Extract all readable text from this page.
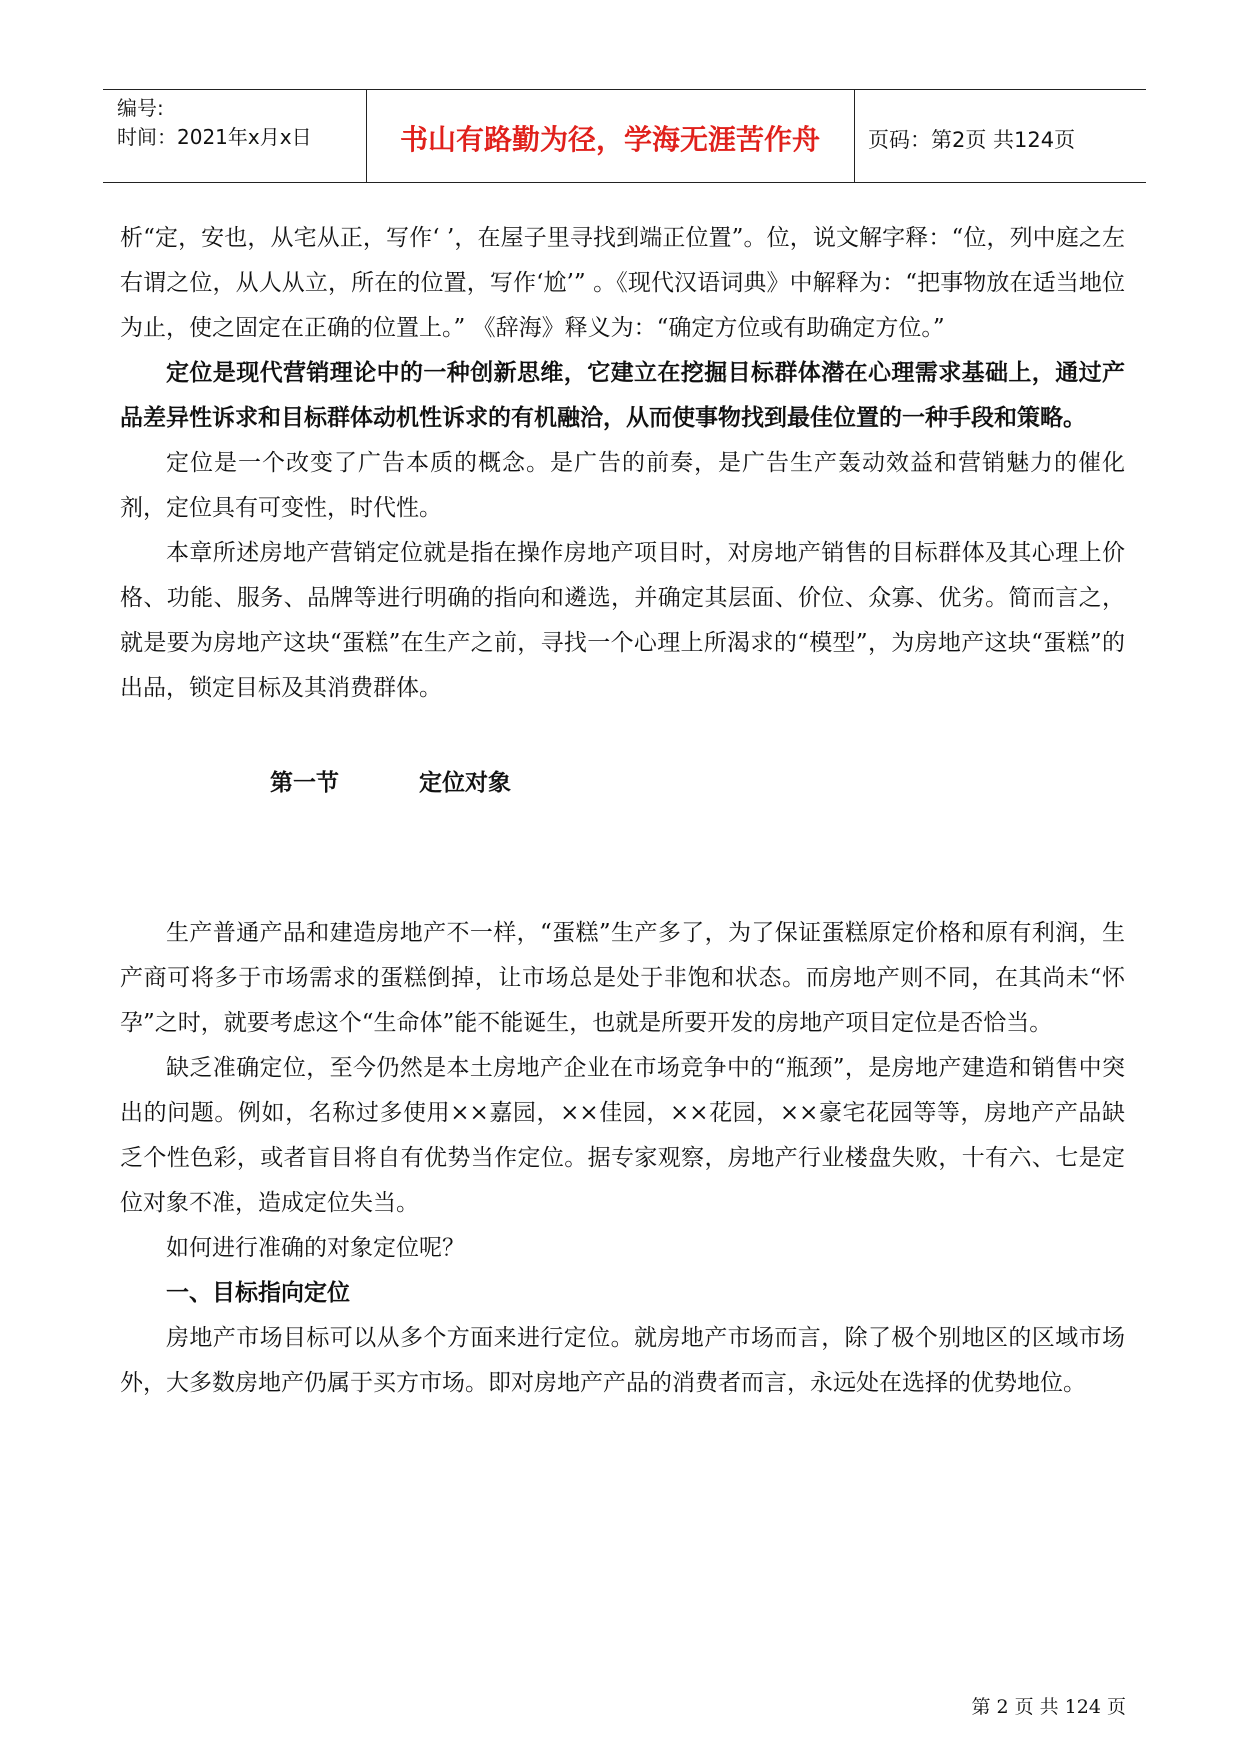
编号:
时间：2021年x月x日	书山有路勤为径，学海无涯苦作舟	页码：第2页 共124页

析“定，安也，从宅从正，写作‘ ’，在屋子里寻找到端正位置”。位，说文解字释：“位，列中庭之左右谓之位，从人从立，所在的位置，写作‘尬’” 。《现代汉语词典》中解释为：“把事物放在适当地位为止，使之固定在正确的位置上。” 《辞海》释义为：“确定方位或有助确定方位。”

定位是现代营销理论中的一种创新思维，它建立在挖掘目标群体潜在心理需求基础上，通过产品差异性诉求和目标群体动机性诉求的有机融洽，从而使事物找到最佳位置的一种手段和策略。

定位是一个改变了广告本质的概念。是广告的前奏，是广告生产轰动效益和营销魅力的催化剂，定位具有可变性，时代性。

本章所述房地产营销定位就是指在操作房地产项目时，对房地产销售的目标群体及其心理上价格、功能、服务、品牌等进行明确的指向和遴选，并确定其层面、价位、众寡、优劣。简而言之，就是要为房地产这块“蛋糕”在生产之前，寻找一个心理上所渴求的“模型”，为房地产这块“蛋糕”的出品，锁定目标及其消费群体。

第一节	定位对象

生产普通产品和建造房地产不一样，“蛋糕”生产多了，为了保证蛋糕原定价格和原有利润，生产商可将多于市场需求的蛋糕倒掉，让市场总是处于非饱和状态。而房地产则不同，在其尚未“怀孕”之时，就要考虑这个“生命体”能不能诞生，也就是所要开发的房地产项目定位是否恰当。

缺乏准确定位，至今仍然是本土房地产企业在市场竞争中的“瓶颈”，是房地产建造和销售中突出的问题。例如，名称过多使用××嘉园，××佳园，××花园，××豪宅花园等等，房地产产品缺乏个性色彩，或者盲目将自有优势当作定位。据专家观察，房地产行业楼盘失败，十有六、七是定位对象不准，造成定位失当。

如何进行准确的对象定位呢？

一、目标指向定位

房地产市场目标可以从多个方面来进行定位。就房地产市场而言，除了极个别地区的区域市场外，大多数房地产仍属于买方市场。即对房地产产品的消费者而言，永远处在选择的优势地位。

第 2 页 共 124 页
